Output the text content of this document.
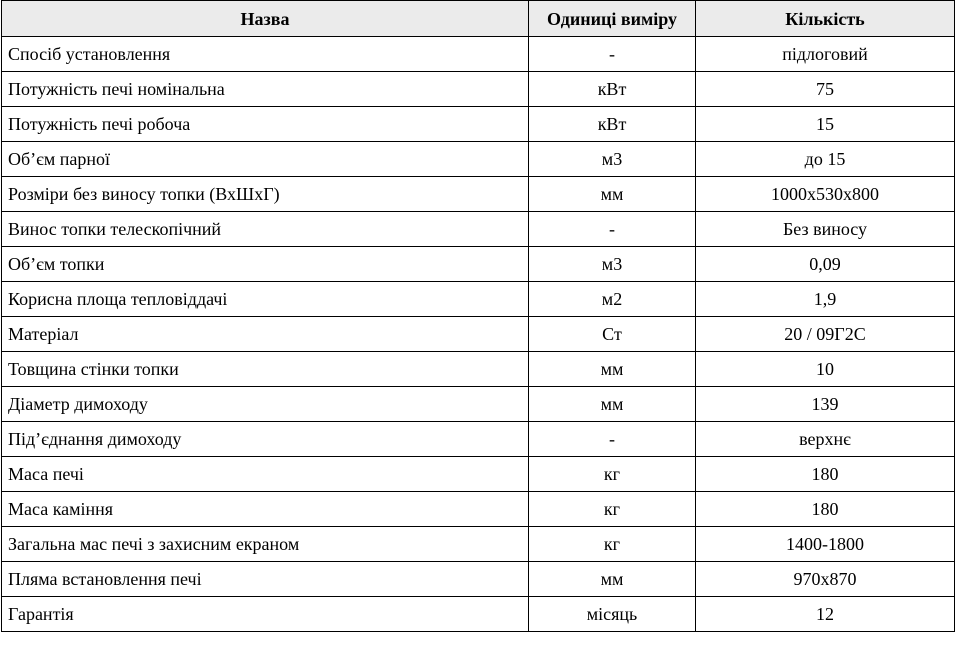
Назва	Одиниці виміру	Кількість
Спосіб установлення	-	підлоговий
Потужність печі номінальна	кВт	75
Потужність печі робоча	кВт	15
Об’єм парної	м3	до 15
Розміри без виносу топки (ВхШхГ)	мм	1000х530х800
Винос топки телескопічний	-	Без виносу
Об’єм топки	м3	0,09
Корисна площа тепловіддачі	м2	1,9
Матеріал	Ст	20 / 09Г2С
Товщина стінки топки	мм	10
Діаметр димоходу	мм	139
Під’єднання димоходу	-	верхнє
Маса печі	кг	180
Маса каміння	кг	180
Загальна мас печі з захисним екраном	кг	1400-1800
Пляма встановлення печі	мм	970х870
Гарантія	місяць	12
